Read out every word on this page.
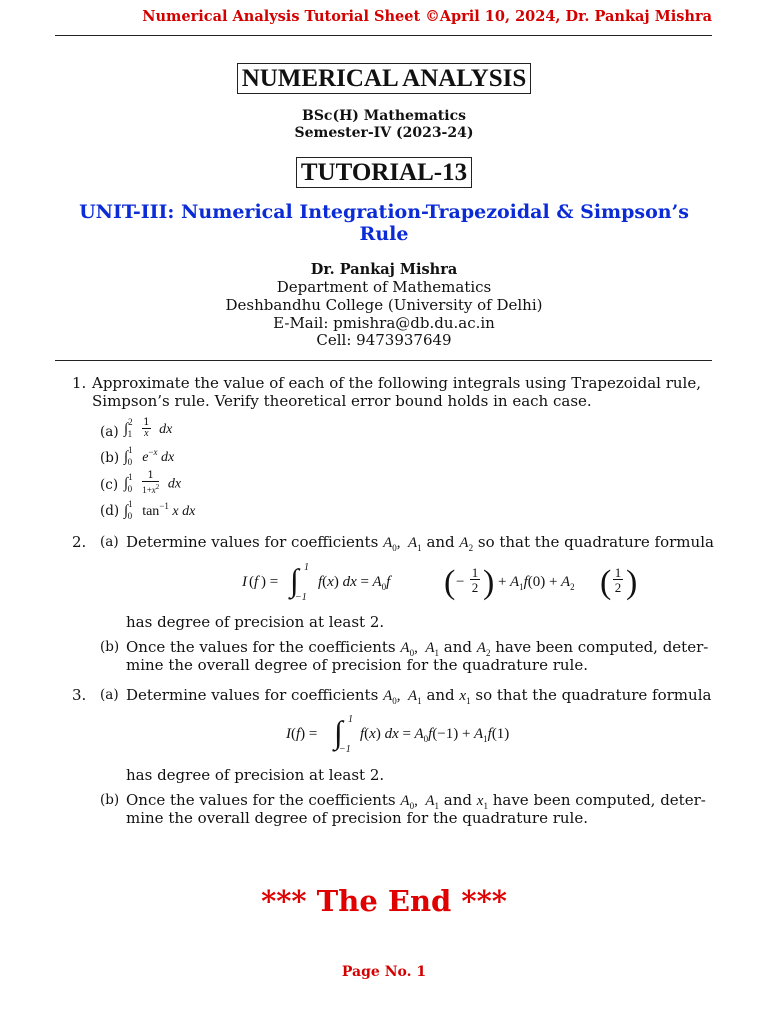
Numerical Analysis Tutorial Sheet ©April 10, 2024, Dr. Pankaj Mishra
NUMERICAL ANALYSIS
BSc(H) Mathematics
Semester-IV (2023-24)
TUTORIAL-13
UNIT-III: Numerical Integration-Trapezoidal & Simpson’s
Rule
Dr. Pankaj Mishra
Department of Mathematics
Deshbandhu College (University of Delhi)
E-Mail: pmishra@db.du.ac.in
Cell: 9473937649
1. Approximate the value of each of the following integrals using Trapezoidal rule,
Simpson’s rule. Verify theoretical error bound holds in each case.
(a) $\int^2_1 \frac{1}{x}$ dx
(b) ∫$^1_0$ $e^{-x}$ dx
(c) $\int^1_0 \frac{1}{1+x^2}$ dx
(d) ∫$^1_0$ $\tan^{-1} x$ dx
2. (a) Determine values for coefficients $A_0$,  $A_1$ and $A_2$ so that the quadrature formula
I ( f ) = ∫ 1
−1
f(x) dx = $A_0f$ ( −
1
2 ) + $A_1f(0) + A_2$ ( 1
2 )
has degree of precision at least 2.
(b) Once the values for the coefficients $A_0$,  $A_1$ and $A_2$ have been computed, deter-
mine the overall degree of precision for the quadrature rule.
3. (a) Determine values for coefficients $A_0$,  $A_1$ and $x_1$ so that the quadrature formula
I(f) = ∫ 1
−1
f(x) dx = $A_0f(-1) + A_1f(1)$
has degree of precision at least 2.
(b) Once the values for the coefficients $A_0$,  $A_1$ and $x_1$ have been computed, deter-
mine the overall degree of precision for the quadrature rule.
*** The End ***
Page No. 1
